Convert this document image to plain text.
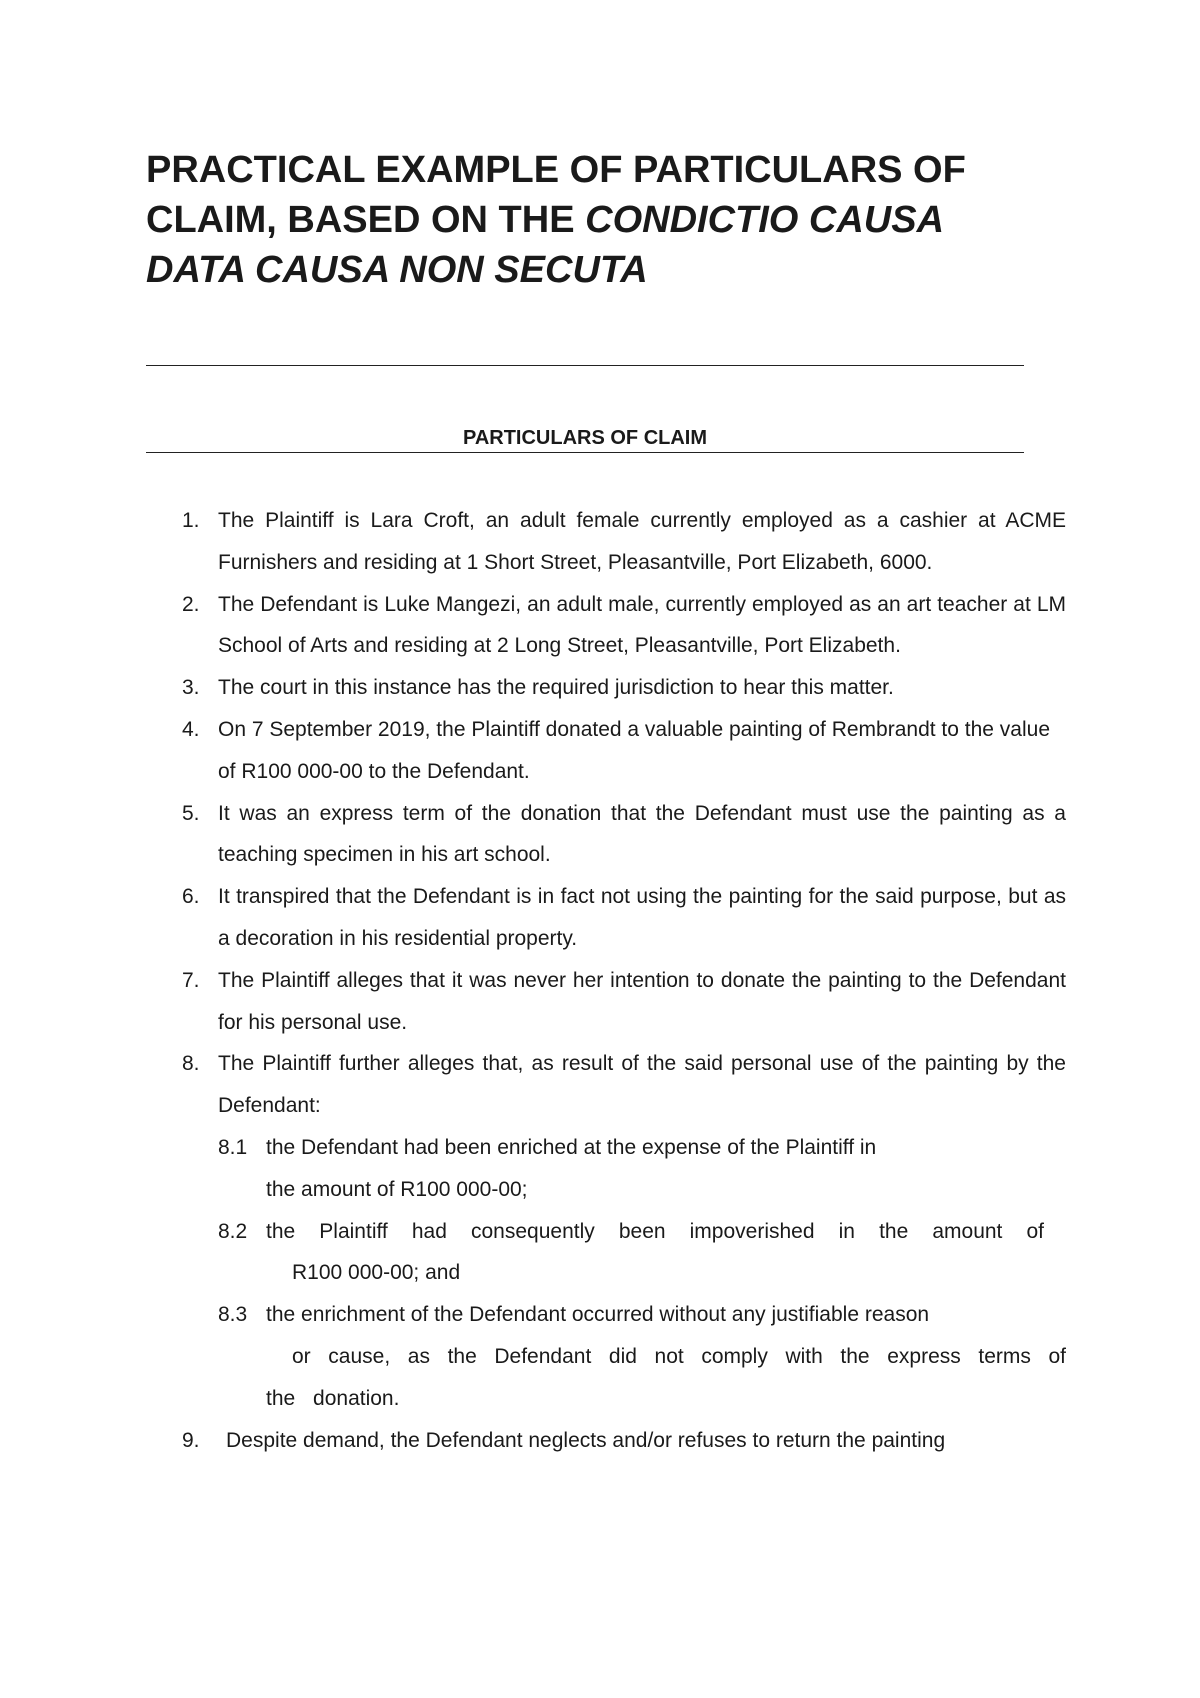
PRACTICAL EXAMPLE OF PARTICULARS OF CLAIM, BASED ON THE CONDICTIO CAUSA DATA CAUSA NON SECUTA
PARTICULARS OF CLAIM
1. The Plaintiff is Lara Croft, an adult female currently employed as a cashier at ACME Furnishers and residing at 1 Short Street, Pleasantville, Port Elizabeth, 6000.
2. The Defendant is Luke Mangezi, an adult male, currently employed as an art teacher at LM School of Arts and residing at 2 Long Street, Pleasantville, Port Elizabeth.
3. The court in this instance has the required jurisdiction to hear this matter.
4. On 7 September 2019, the Plaintiff donated a valuable painting of Rembrandt to the value of R100 000-00 to the Defendant.
5. It was an express term of the donation that the Defendant must use the painting as a teaching specimen in his art school.
6. It transpired that the Defendant is in fact not using the painting for the said purpose, but as a decoration in his residential property.
7. The Plaintiff alleges that it was never her intention to donate the painting to the Defendant for his personal use.
8. The Plaintiff further alleges that, as result of the said personal use of the painting by the Defendant:
8.1 the Defendant had been enriched at the expense of the Plaintiff in
the amount of R100 000-00;
8.2 the Plaintiff had consequently been impoverished in the amount of
R100 000-00; and
8.3 the enrichment of the Defendant occurred without any justifiable reason
or cause, as the Defendant did not comply with the express terms of
the donation.
9.	Despite demand, the Defendant neglects and/or refuses to return the painting
